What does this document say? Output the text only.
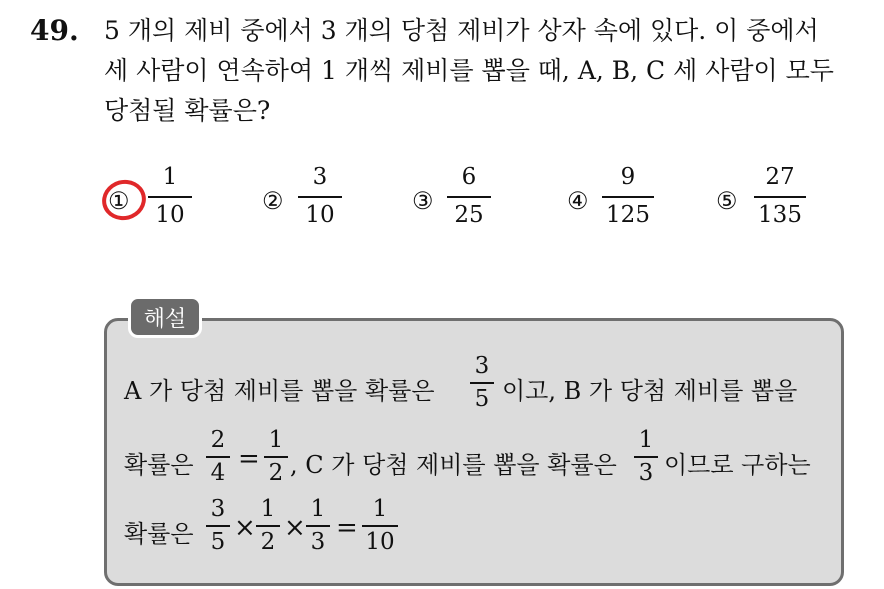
49. 5 개의 제비 중에서 3 개의 당첨 제비가 상자 속에 있다. 이 중에서
세 사람이 연속하여 1 개씩 제비를 뽑을 때, A, B, C 세 사람이 모두
당첨될 확률은?
①
1
10	②
3
10	③
6
25	④
9
125	⑤
27
135
해설
A 가 당첨 제비를 뽑을 확률은
3
5 이고, B 가 당첨 제비를 뽑을
확률은
2
4 =
1
2 , C 가 당첨 제비를 뽑을 확률은
1
3 이므로 구하는
확률은
3
5 ×
1
2 ×
1
3 =
1
10
